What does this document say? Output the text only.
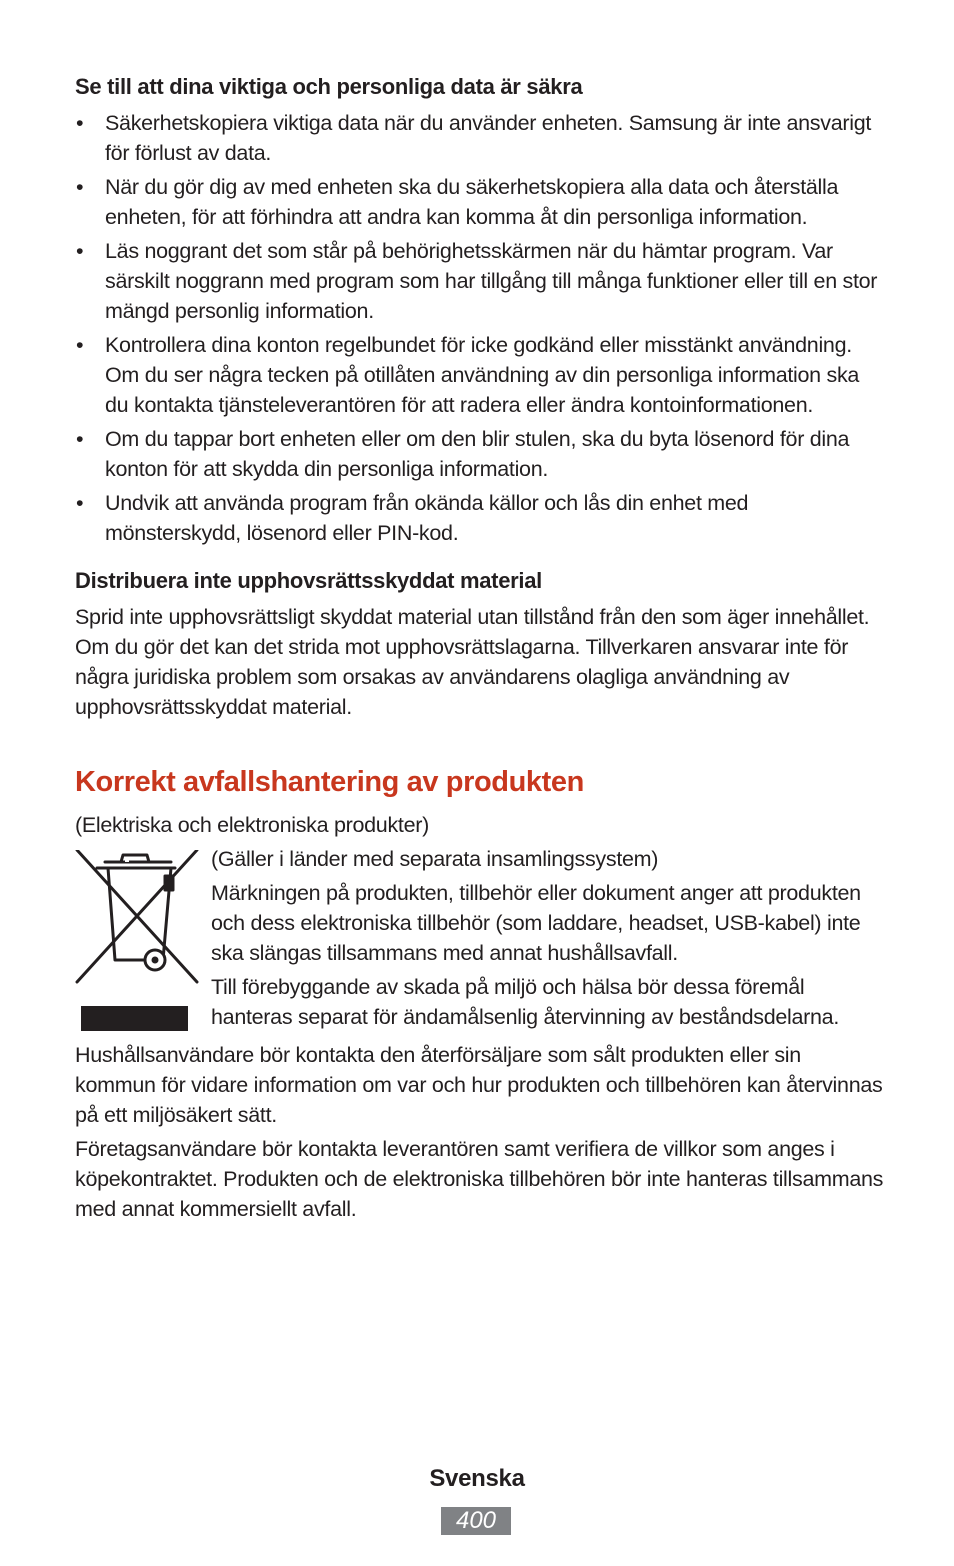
Se till att dina viktiga och personliga data är säkra
• Säkerhetskopiera viktiga data när du använder enheten. Samsung är inte ansvarigt för förlust av data.
• När du gör dig av med enheten ska du säkerhetskopiera alla data och återställa enheten, för att förhindra att andra kan komma åt din personliga information.
• Läs noggrant det som står på behörighetsskärmen när du hämtar program. Var särskilt noggrann med program som har tillgång till många funktioner eller till en stor mängd personlig information.
• Kontrollera dina konton regelbundet för icke godkänd eller misstänkt användning. Om du ser några tecken på otillåten användning av din personliga information ska du kontakta tjänsteleverantören för att radera eller ändra kontoinformationen.
• Om du tappar bort enheten eller om den blir stulen, ska du byta lösenord för dina konton för att skydda din personliga information.
• Undvik att använda program från okända källor och lås din enhet med mönsterskydd, lösenord eller PIN-kod.
Distribuera inte upphovsrättsskyddat material

Sprid inte upphovsrättsligt skyddat material utan tillstånd från den som äger innehållet. Om du gör det kan det strida mot upphovsrättslagarna. Tillverkaren ansvarar inte för några juridiska problem som orsakas av användarens olagliga användning av upphovsrättsskyddat material.

Korrekt avfallshantering av produkten

(Elektriska och elektroniska produkter)

(Gäller i länder med separata insamlingssystem)

Märkningen på produkten, tillbehör eller dokument anger att produkten och dess elektroniska tillbehör (som laddare, headset, USB-kabel) inte ska slängas tillsammans med annat hushållsavfall.

Till förebyggande av skada på miljö och hälsa bör dessa föremål hanteras separat för ändamålsenlig återvinning av beståndsdelarna.

Hushållsanvändare bör kontakta den återförsäljare som sålt produkten eller sin kommun för vidare information om var och hur produkten och tillbehören kan återvinnas på ett miljösäkert sätt.

Företagsanvändare bör kontakta leverantören samt verifiera de villkor som anges i köpekontraktet. Produkten och de elektroniska tillbehören bör inte hanteras tillsammans med annat kommersiellt avfall.

Svenska
400
